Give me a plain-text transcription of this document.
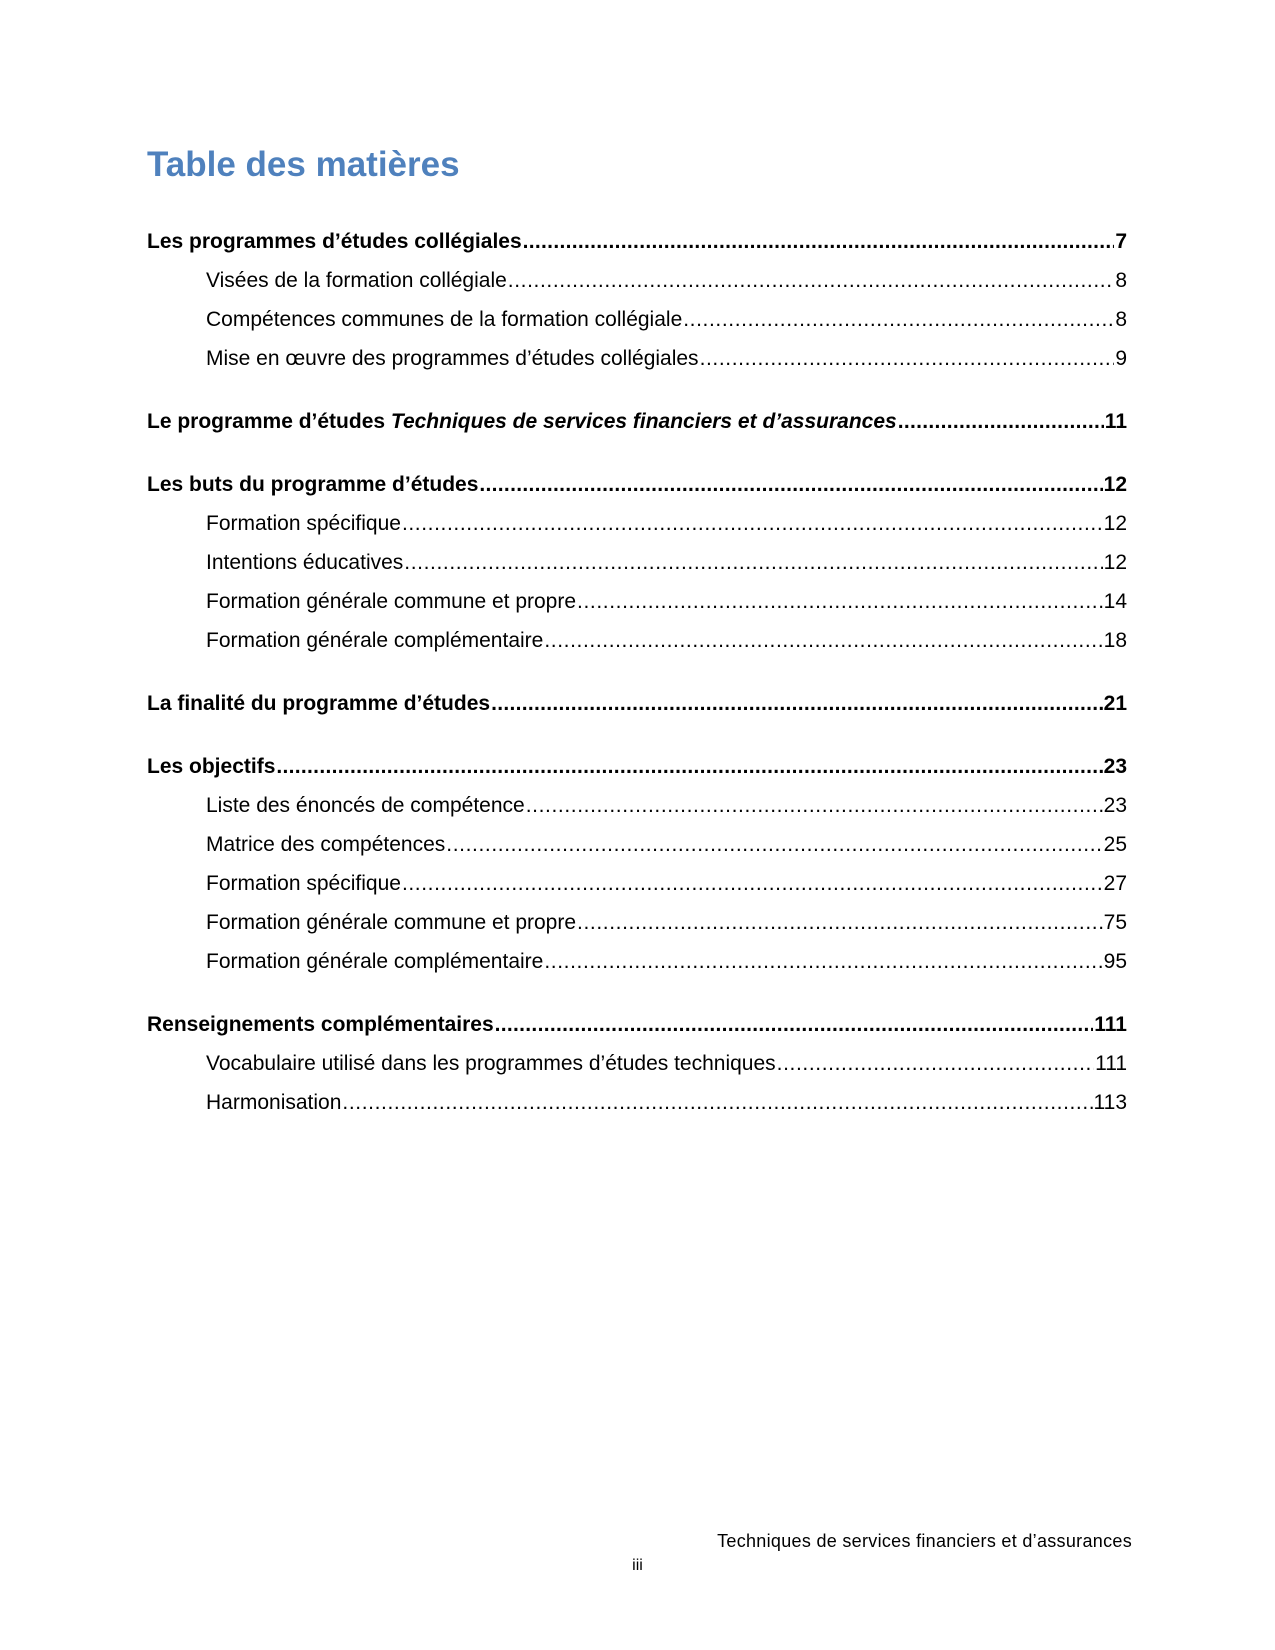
Table des matières
Les programmes d’études collégiales .....	7
Visées de la formation collégiale .....	8
Compétences communes de la formation collégiale .....	8
Mise en œuvre des programmes d’études collégiales .....	9
Le programme d’études Techniques de services financiers et d’assurances .....	11
Les buts du programme d’études .....	12
Formation spécifique .....	12
Intentions éducatives .....	12
Formation générale commune et propre .....	14
Formation générale complémentaire .....	18
La finalité du programme d’études .....	21
Les objectifs .....	23
Liste des énoncés de compétence .....	23
Matrice des compétences .....	25
Formation spécifique .....	27
Formation générale commune et propre .....	75
Formation générale complémentaire .....	95
Renseignements complémentaires .....	111
Vocabulaire utilisé dans les programmes d’études techniques .....	111
Harmonisation .....	113
Techniques de services financiers et d’assurances
iii
